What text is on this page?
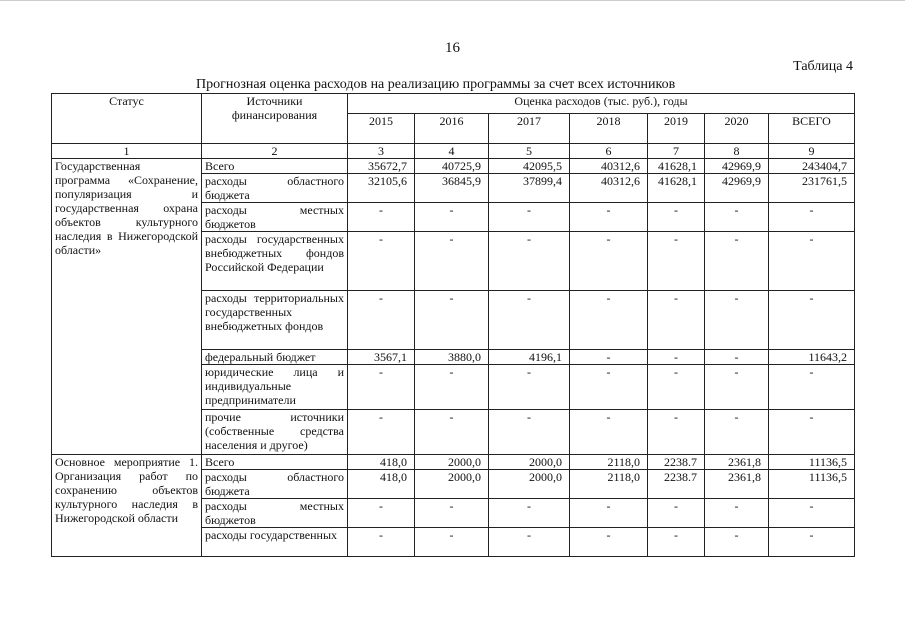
16
Таблица 4
Прогнозная оценка расходов на реализацию программы за счет всех источников
Статус	Источники финансирования	Оценка расходов (тыс. руб.), годы						
		2015	2016	2017	2018	2019	2020	ВСЕГО
1	2	3	4	5	6	7	8	9
Государственная программа «Сохранение, популяризация и государственная охрана объектов культурного наследия в Нижегородской области»	Всего	35672,7	40725,9	42095,5	40312,6	41628,1	42969,9	243404,7
	расходы областного бюджета	32105,6	36845,9	37899,4	40312,6	41628,1	42969,9	231761,5
	расходы местных бюджетов	-	-	-	-	-	-	-
	расходы государственных внебюджетных фондов Российской Федерации	-	-	-	-	-	-	-
	расходы территориальных государственных внебюджетных фондов	-	-	-	-	-	-	-
	федеральный бюджет	3567,1	3880,0	4196,1	-	-	-	11643,2
	юридические лица и индивидуальные предприниматели	-	-	-	-	-	-	-
	прочие источники (собственные средства населения и другое)	-	-	-	-	-	-	-
Основное мероприятие 1. Организация работ по сохранению объектов культурного наследия в Нижегородской области	Всего	418,0	2000,0	2000,0	2118,0	2238.7	2361,8	11136,5
	расходы областного бюджета	418,0	2000,0	2000,0	2118,0	2238.7	2361,8	11136,5
	расходы местных бюджетов	-	-	-	-	-	-	-
	расходы государственных	-	-	-	-	-	-	-
